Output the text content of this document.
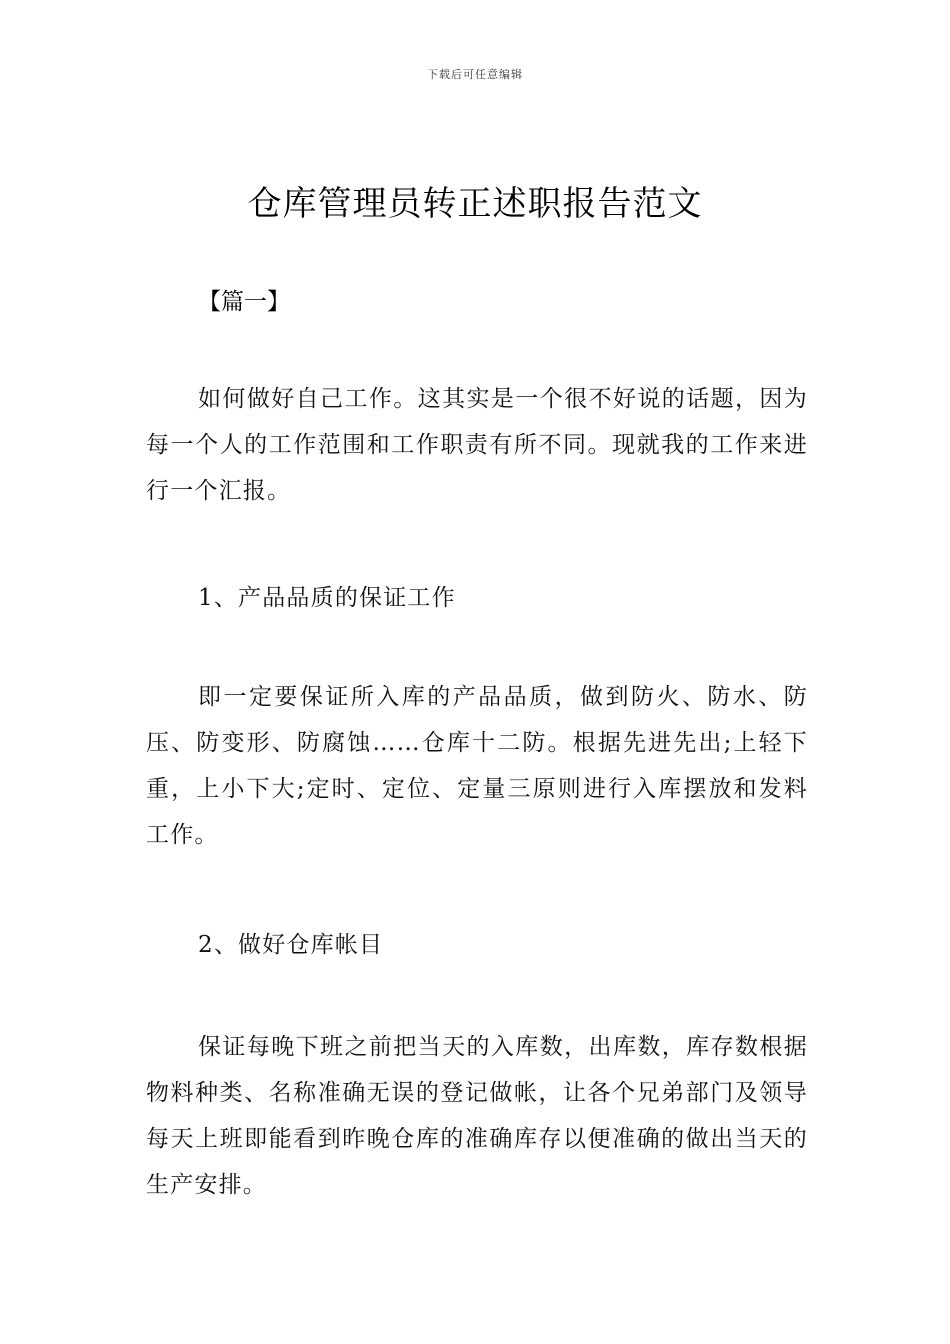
下载后可任意编辑
仓库管理员转正述职报告范文
【篇一】

如何做好自己工作。这其实是一个很不好说的话题，因为每一个人的工作范围和工作职责有所不同。现就我的工作来进行一个汇报。

1、产品品质的保证工作

即一定要保证所入库的产品品质，做到防火、防水、防压、防变形、防腐蚀……仓库十二防。根据先进先出;上轻下重，上小下大;定时、定位、定量三原则进行入库摆放和发料工作。

2、做好仓库帐目

保证每晚下班之前把当天的入库数，出库数，库存数根据物料种类、名称准确无误的登记做帐，让各个兄弟部门及领导每天上班即能看到昨晚仓库的准确库存以便准确的做出当天的生产安排。
